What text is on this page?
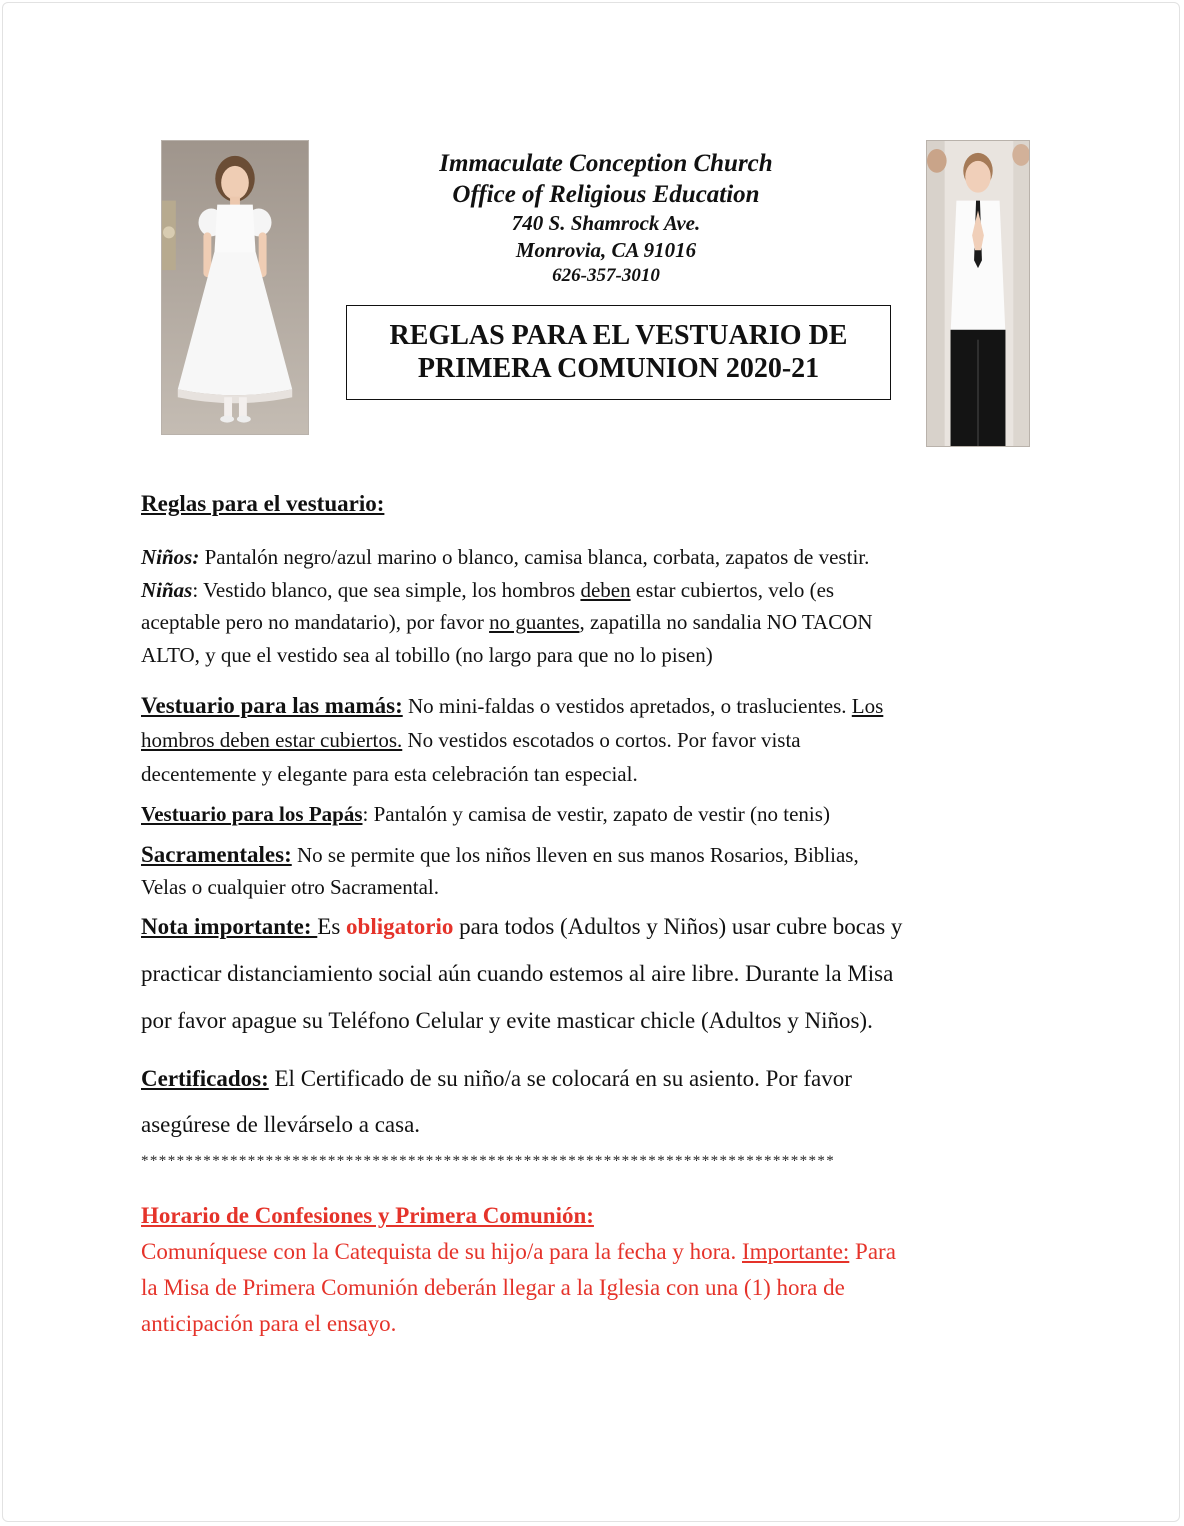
Immaculate Conception Church
Office of Religious Education
740 S. Shamrock Ave.
Monrovia, CA 91016
626-357-3010
REGLAS PARA EL VESTUARIO DE
PRIMERA COMUNION 2020-21
Reglas para el vestuario:
Niños: Pantalón negro/azul marino o blanco, camisa blanca, corbata, zapatos de vestir.
Niñas: Vestido blanco, que sea simple, los hombros deben estar cubiertos, velo (es
aceptable pero no mandatario), por favor no guantes, zapatilla no sandalia NO TACON
ALTO, y que el vestido sea al tobillo (no largo para que no lo pisen)
Vestuario para las mamás: No mini-faldas o vestidos apretados, o traslucientes. Los
hombros deben estar cubiertos. No vestidos escotados o cortos. Por favor vista
decentemente y elegante para esta celebración tan especial.
Vestuario para los Papás: Pantalón y camisa de vestir, zapato de vestir (no tenis)
Sacramentales: No se permite que los niños lleven en sus manos Rosarios, Biblias,
Velas o cualquier otro Sacramental.
Nota importante: Es obligatorio para todos (Adultos y Niños) usar cubre bocas y
practicar distanciamiento social aún cuando estemos al aire libre. Durante la Misa
por favor apague su Teléfono Celular y evite masticar chicle (Adultos y Niños).
Certificados: El Certificado de su niño/a se colocará en su asiento. Por favor
asegúrese de llevárselo a casa.
******************************************************************************
Horario de Confesiones y Primera Comunión:
Comuníquese con la Catequista de su hijo/a para la fecha y hora. Importante: Para
la Misa de Primera Comunión deberán llegar a la Iglesia con una (1) hora de
anticipación para el ensayo.
